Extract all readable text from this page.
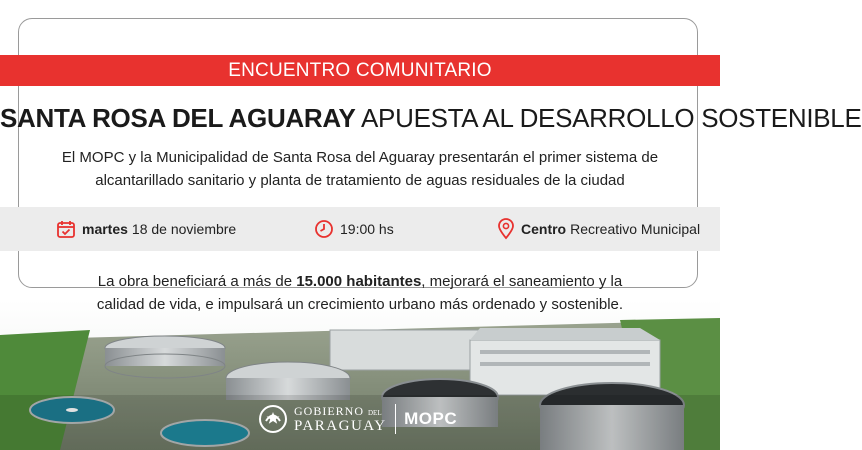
ENCUENTRO COMUNITARIO
SANTA ROSA DEL AGUARAY APUESTA AL DESARROLLO SOSTENIBLE
El MOPC y la Municipalidad de Santa Rosa del Aguaray presentarán el primer sistema de
alcantarillado sanitario y planta de tratamiento de aguas residuales de la ciudad
martes 18 de noviembre	19:00 hs	Centro Recreativo Municipal
La obra beneficiará a más de 15.000 habitantes, mejorará el saneamiento y la calidad de vida, e impulsará un crecimiento urbano más ordenado y sostenible.
GOBIERNO DEL
PARAGUAY MOPC
